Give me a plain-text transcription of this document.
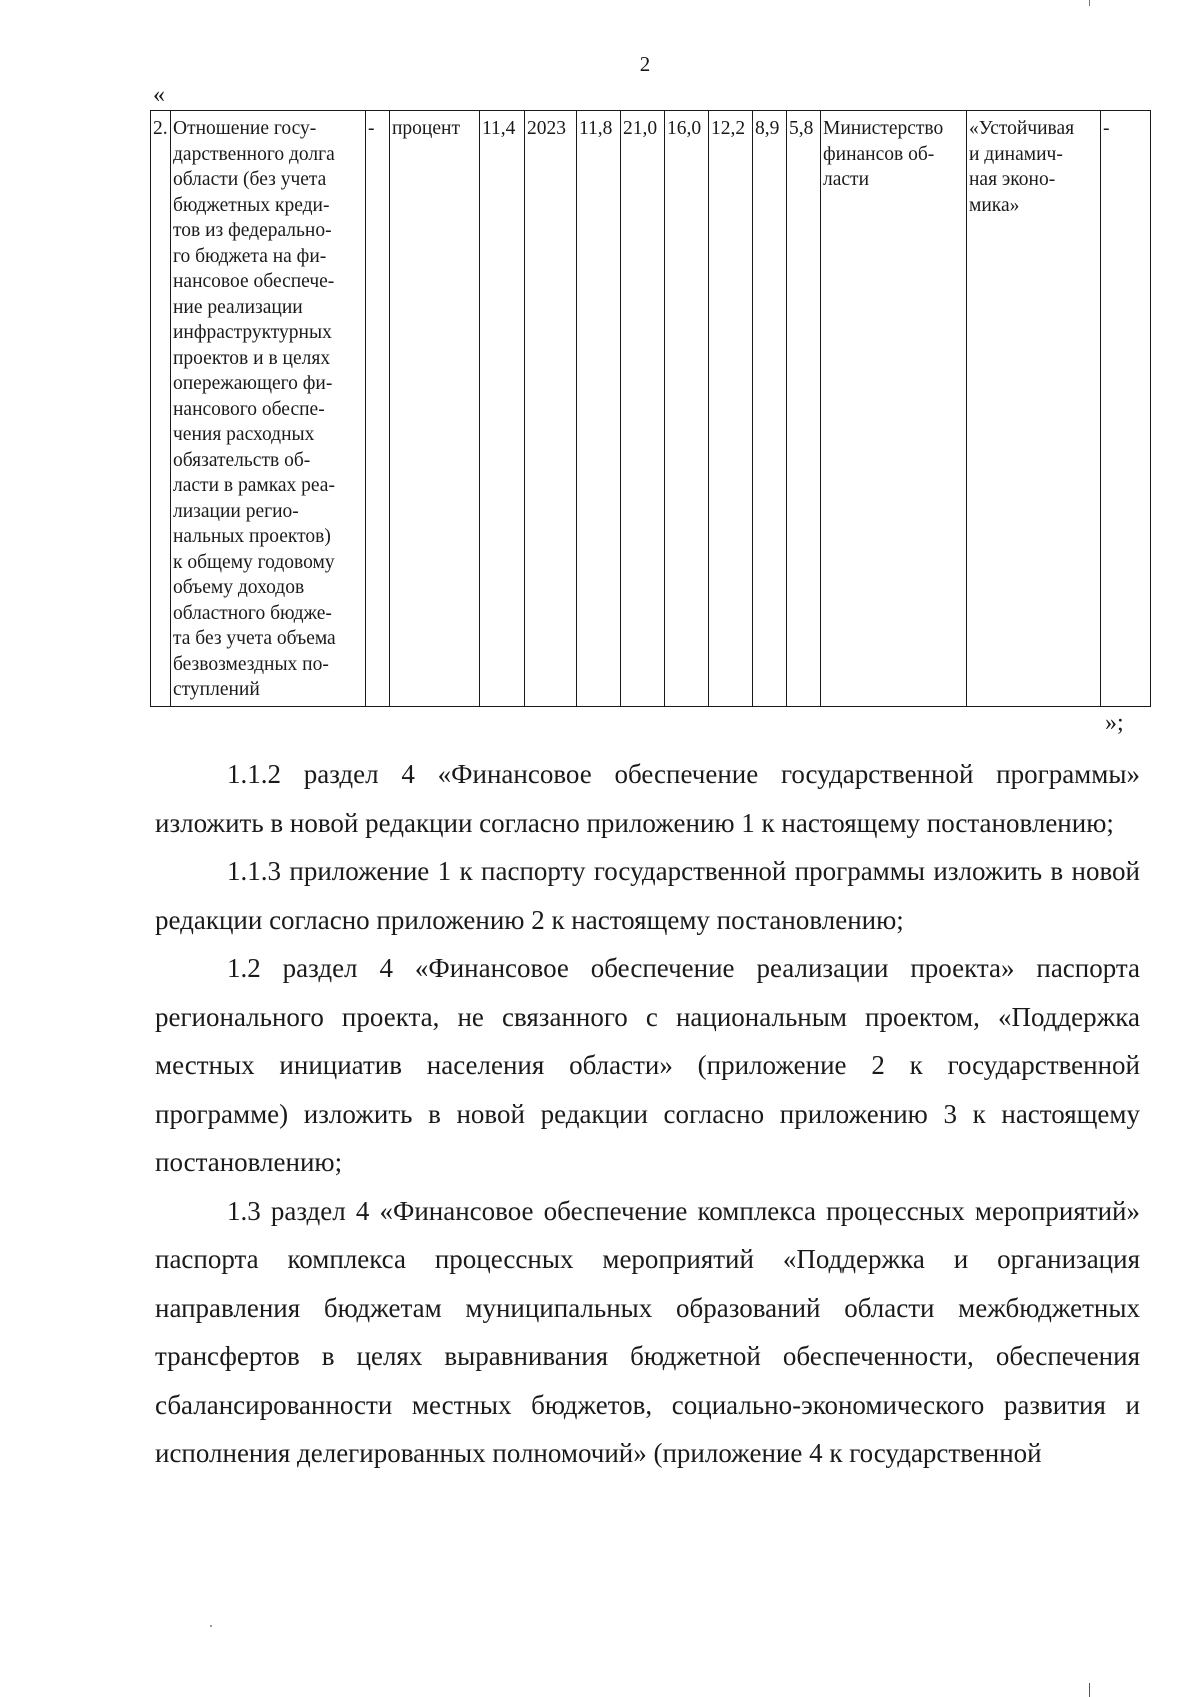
2
«
2.	Отношение госу-
дарственного долга
области (без учета
бюджетных креди-
тов из федерально-
го бюджета на фи-
нансовое обеспече-
ние реализации
инфраструктурных
проектов и в целях
опережающего фи-
нансового обеспе-
чения расходных
обязательств об-
ласти в рамках реа-
лизации регио-
нальных проектов)
к общему годовому
объему доходов
областного бюдже-
та без учета объема
безвозмездных по-
ступлений	-	процент	11,4	2023	11,8	21,0	16,0	12,2	8,9	5,8	Министерство
финансов об-
ласти	«Устойчивая
и динамич-
ная эконо-
мика»	-
»;

1.1.2 раздел 4 «Финансовое обеспечение государственной программы» изложить в новой редакции согласно приложению 1 к настоящему постановлению;

1.1.3 приложение 1 к паспорту государственной программы изложить в новой редакции согласно приложению 2 к настоящему постановлению;

1.2 раздел 4 «Финансовое обеспечение реализации проекта» паспорта регионального проекта, не связанного с национальным проектом, «Поддержка местных инициатив населения области» (приложение 2 к государственной программе) изложить в новой редакции согласно приложению 3 к настоящему постановлению;

1.3 раздел 4 «Финансовое обеспечение комплекса процессных мероприятий» паспорта комплекса процессных мероприятий «Поддержка и организация направления бюджетам муниципальных образований области межбюджетных трансфертов в целях выравнивания бюджетной обеспеченности, обеспечения сбалансированности местных бюджетов, социально-экономического развития и исполнения делегированных полномочий» (приложение 4 к государственной
